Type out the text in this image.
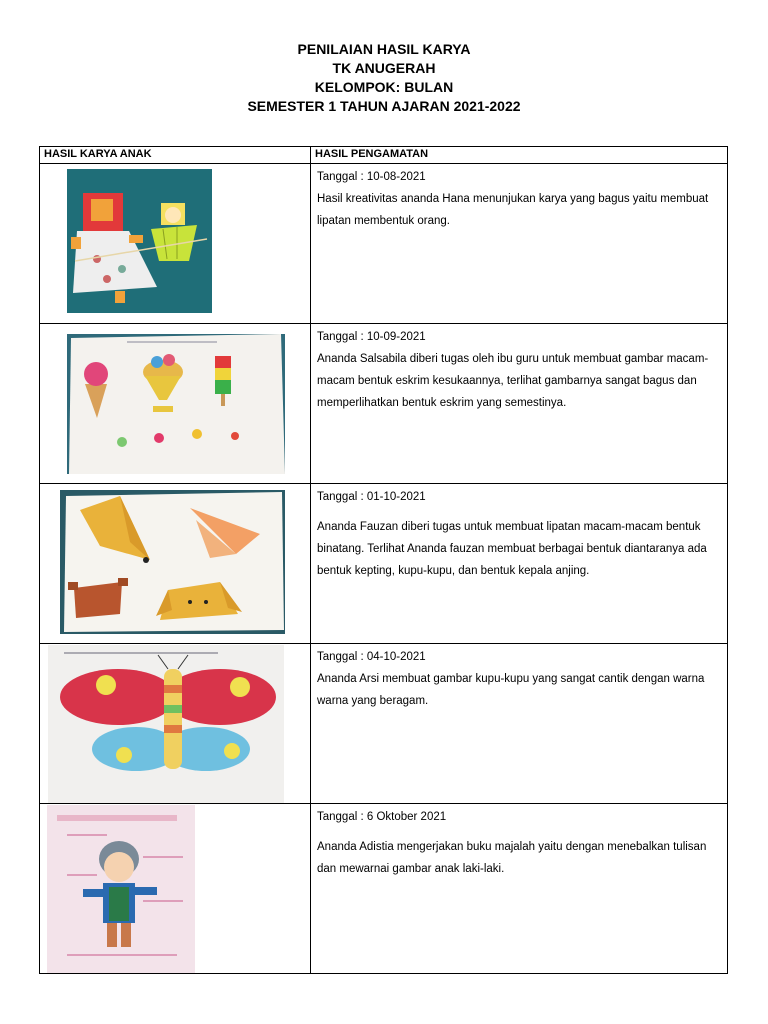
PENILAIAN HASIL KARYA
TK ANUGERAH
KELOMPOK: BULAN
SEMESTER 1 TAHUN AJARAN 2021-2022
HASIL KARYA ANAK	HASIL PENGAMATAN

Tanggal : 10-08-2021

Hasil kreativitas ananda Hana menunjukan karya yang bagus yaitu membuat lipatan membentuk orang.

Tanggal : 10-09-2021

Ananda Salsabila diberi tugas oleh ibu guru untuk membuat gambar macam-macam bentuk eskrim kesukaannya, terlihat gambarnya sangat bagus dan memperlihatkan bentuk eskrim yang semestinya.

Tanggal : 01-10-2021

Ananda Fauzan diberi tugas untuk membuat lipatan macam-macam bentuk binatang. Terlihat Ananda fauzan membuat berbagai bentuk diantaranya ada bentuk kepting, kupu-kupu, dan bentuk kepala anjing.

Tanggal : 04-10-2021

Ananda Arsi membuat gambar kupu-kupu yang sangat cantik dengan warna warna yang beragam.

Tanggal : 6 Oktober 2021

Ananda Adistia mengerjakan buku majalah yaitu dengan menebalkan tulisan dan mewarnai gambar anak laki-laki.
